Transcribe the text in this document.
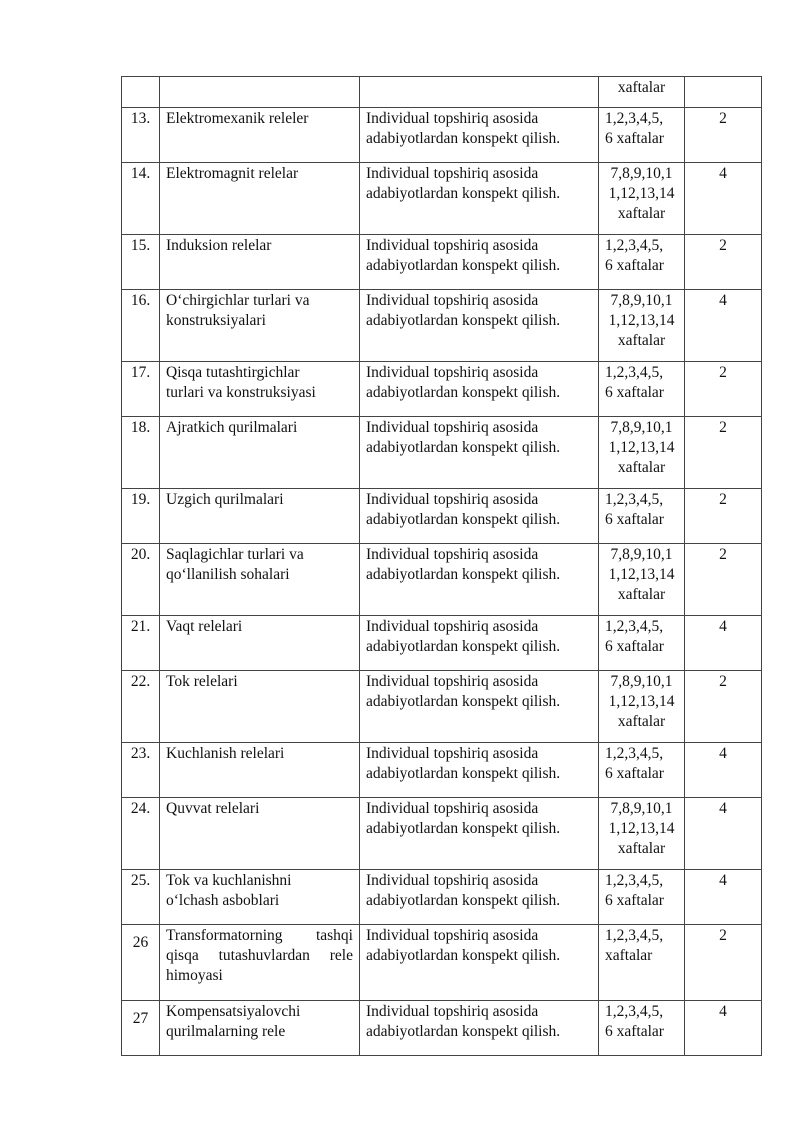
			xaftalar	

13.	Elektromexanik releler	Individual topshiriq asosida
adabiyotlardan konspekt qilish.	1,2,3,4,5,
6 xaftalar	2
14.	Elektromagnit relelar	Individual topshiriq asosida
adabiyotlardan konspekt qilish.	7,8,9,10,1
1,12,13,14
xaftalar	4
15.	Induksion relelar	Individual topshiriq asosida
adabiyotlardan konspekt qilish.	1,2,3,4,5,
6 xaftalar	2
16.	O‘chirgichlar turlari va
konstruksiyalari	Individual topshiriq asosida
adabiyotlardan konspekt qilish.	7,8,9,10,1
1,12,13,14
xaftalar	4
17.	Qisqa tutashtirgichlar
turlari va konstruksiyasi	Individual topshiriq asosida
adabiyotlardan konspekt qilish.	1,2,3,4,5,
6 xaftalar	2
18.	Ajratkich qurilmalari	Individual topshiriq asosida
adabiyotlardan konspekt qilish.	7,8,9,10,1
1,12,13,14
xaftalar	2
19.	Uzgich qurilmalari	Individual topshiriq asosida
adabiyotlardan konspekt qilish.	1,2,3,4,5,
6 xaftalar	2
20.	Saqlagichlar turlari va
qo‘llanilish sohalari	Individual topshiriq asosida
adabiyotlardan konspekt qilish.	7,8,9,10,1
1,12,13,14
xaftalar	2
21.	Vaqt relelari	Individual topshiriq asosida
adabiyotlardan konspekt qilish.	1,2,3,4,5,
6 xaftalar	4
22.	Tok relelari	Individual topshiriq asosida
adabiyotlardan konspekt qilish.	7,8,9,10,1
1,12,13,14
xaftalar	2
23.	Kuchlanish relelari	Individual topshiriq asosida
adabiyotlardan konspekt qilish.	1,2,3,4,5,
6 xaftalar	4
24.	Quvvat relelari	Individual topshiriq asosida
adabiyotlardan konspekt qilish.	7,8,9,10,1
1,12,13,14
xaftalar	4
25.	Tok va kuchlanishni
o‘lchash asboblari	Individual topshiriq asosida
adabiyotlardan konspekt qilish.	1,2,3,4,5,
6 xaftalar	4
26	Transformatorning tashqi
qisqa tutashuvlardan rele
himoyasi	Individual topshiriq asosida
adabiyotlardan konspekt qilish.	1,2,3,4,5,
xaftalar	2
27	Kompensatsiyalovchi
qurilmalarning rele	Individual topshiriq asosida
adabiyotlardan konspekt qilish.	1,2,3,4,5,
6 xaftalar	4
